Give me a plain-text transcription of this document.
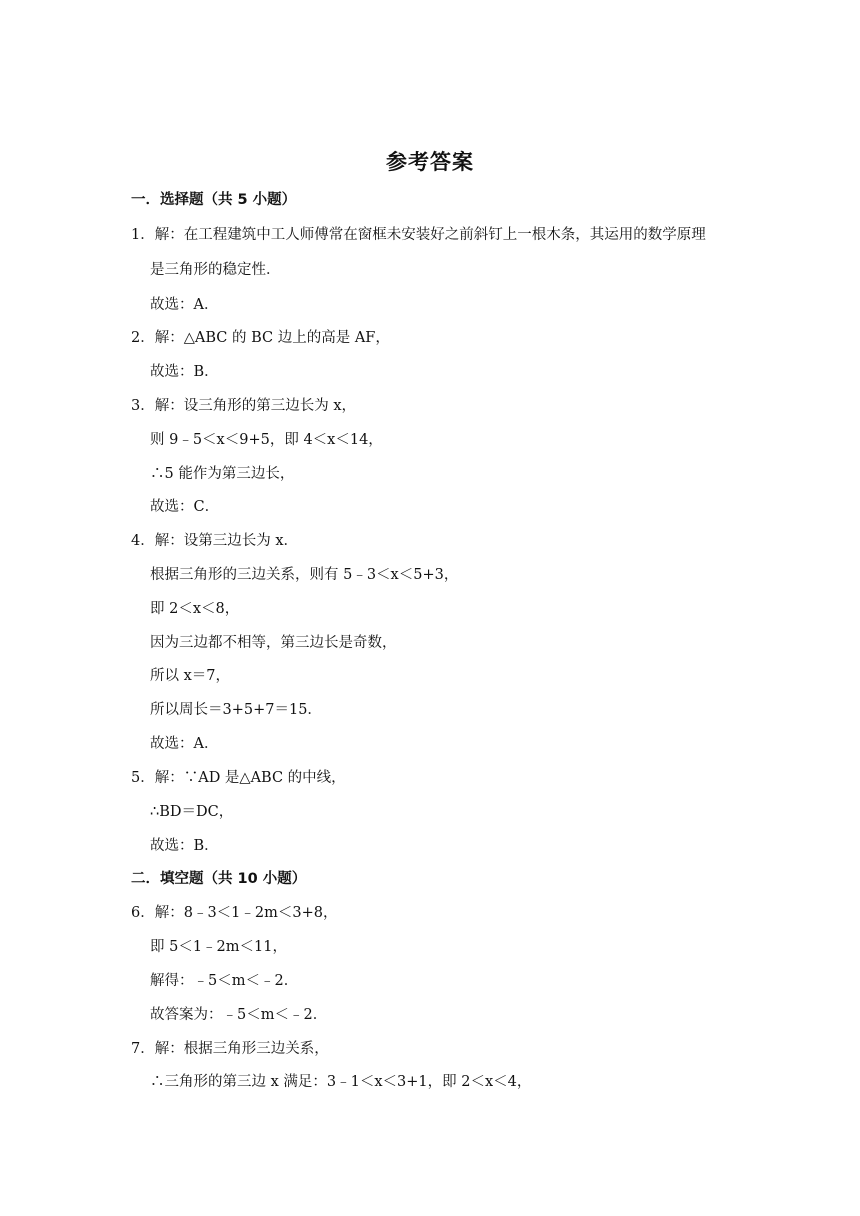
参考答案
一．选择题（共 5 小题）
1．解：在工程建筑中工人师傅常在窗框未安装好之前斜钉上一根木条，其运用的数学原理
是三角形的稳定性．
故选：A．
2．解：△ABC 的 BC 边上的高是 AF，
故选：B．
3．解：设三角形的第三边长为 x，
则 9﹣5＜x＜9+5，即 4＜x＜14，
∴5 能作为第三边长，
故选：C．
4．解：设第三边长为 x．
根据三角形的三边关系，则有 5﹣3＜x＜5+3，
即 2＜x＜8，
因为三边都不相等，第三边长是奇数，
所以 x＝7，
所以周长＝3+5+7＝15．
故选：A．
5．解：∵AD 是△ABC 的中线，
∴BD＝DC，
故选：B．
二．填空题（共 10 小题）
6．解：8﹣3＜1﹣2m＜3+8，
即 5＜1﹣2m＜11，
解得：﹣5＜m＜﹣2．
故答案为：﹣5＜m＜﹣2．
7．解：根据三角形三边关系，
∴三角形的第三边 x 满足：3﹣1＜x＜3+1，即 2＜x＜4，
